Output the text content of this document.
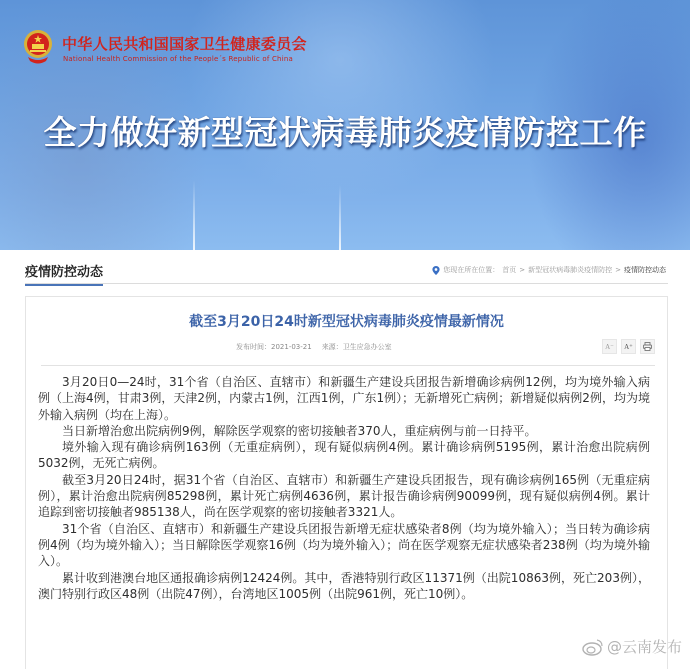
中华人民共和国国家卫生健康委员会
National Health Commission of the People´s Republic of China
全力做好新型冠状病毒肺炎疫情防控工作
疫情防控动态	您现在所在位置： 首页 > 新型冠状病毒肺炎疫情防控 > 疫情防控动态
截至3月20日24时新型冠状病毒肺炎疫情最新情况
发布时间：2021-03-21 来源：卫生应急办公室	A⁻	A⁺

3月20日0—24时，31个省（自治区、直辖市）和新疆生产建设兵团报告新增确诊病例12例，均为境外输入病例（上海4例，甘肃3例，天津2例，内蒙古1例，江西1例，广东1例）；无新增死亡病例；新增疑似病例2例，均为境外输入病例（均在上海）。

当日新增治愈出院病例9例，解除医学观察的密切接触者370人，重症病例与前一日持平。

境外输入现有确诊病例163例（无重症病例），现有疑似病例4例。累计确诊病例5195例，累计治愈出院病例5032例，无死亡病例。

截至3月20日24时，据31个省（自治区、直辖市）和新疆生产建设兵团报告，现有确诊病例165例（无重症病例），累计治愈出院病例85298例，累计死亡病例4636例，累计报告确诊病例90099例，现有疑似病例4例。累计追踪到密切接触者985138人，尚在医学观察的密切接触者3321人。

31个省（自治区、直辖市）和新疆生产建设兵团报告新增无症状感染者8例（均为境外输入）；当日转为确诊病例4例（均为境外输入）；当日解除医学观察16例（均为境外输入）；尚在医学观察无症状感染者238例（均为境外输入）。

累计收到港澳台地区通报确诊病例12424例。其中，香港特别行政区11371例（出院10863例，死亡203例），澳门特别行政区48例（出院47例），台湾地区1005例（出院961例，死亡10例）。

@云南发布
